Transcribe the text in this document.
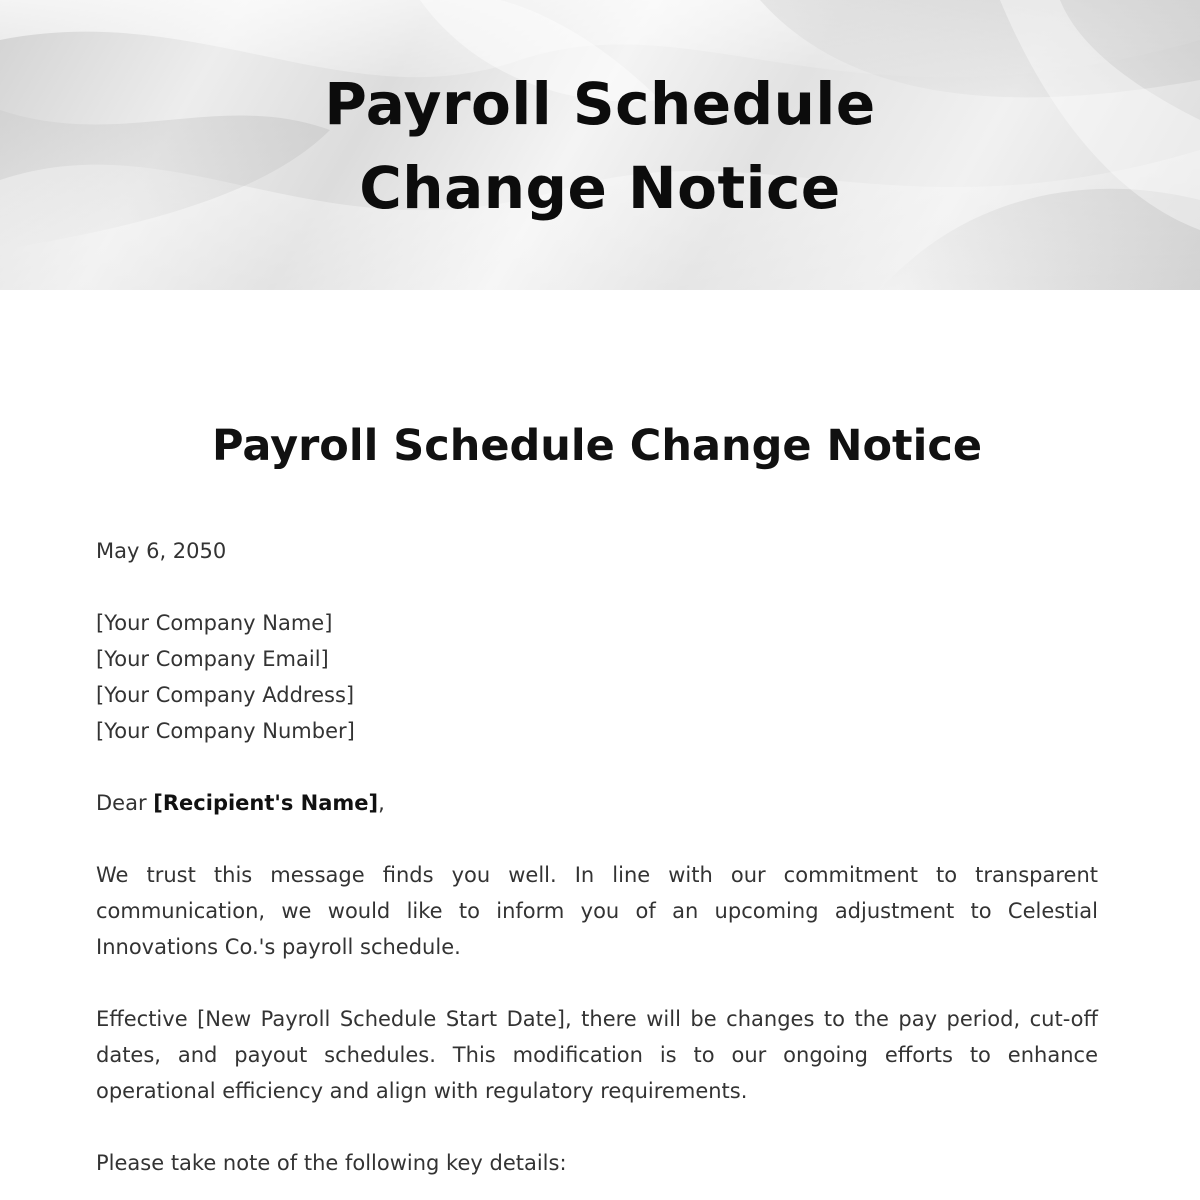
Payroll Schedule
Change Notice
Payroll Schedule Change Notice

May 6, 2050

[Your Company Name]
[Your Company Email]
[Your Company Address]
[Your Company Number]

Dear [Recipient's Name],

We trust this message finds you well. In line with our commitment to transparent communication, we would like to inform you of an upcoming adjustment to Celestial Innovations Co.'s payroll schedule.

Effective [New Payroll Schedule Start Date], there will be changes to the pay period, cut-off dates, and payout schedules. This modification is to our ongoing efforts to enhance operational efficiency and align with regulatory requirements.

Please take note of the following key details:
